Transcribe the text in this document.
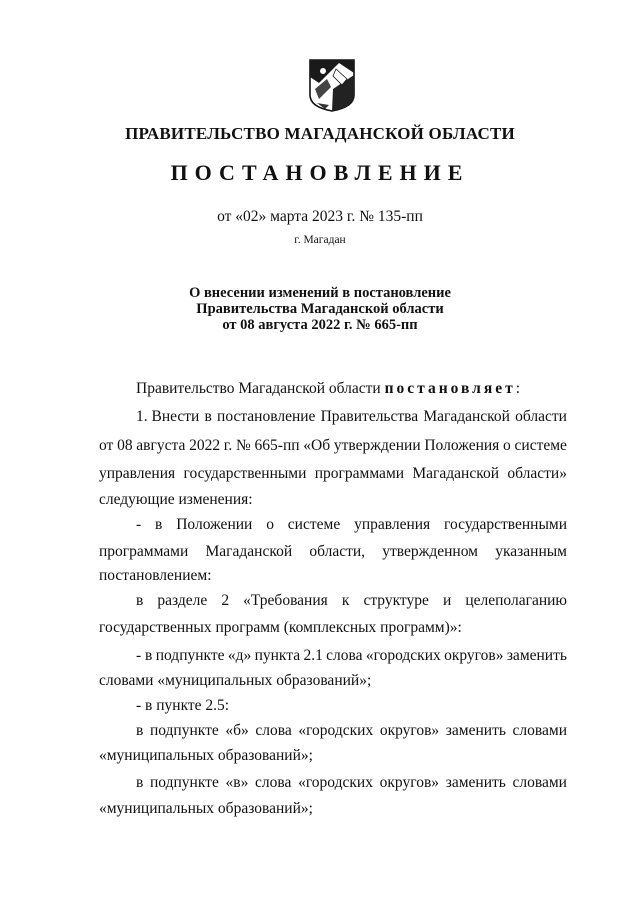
ПРАВИТЕЛЬСТВО МАГАДАНСКОЙ ОБЛАСТИ
ПОСТАНОВЛЕНИЕ
от «02» марта 2023 г. № 135-пп
г. Магадан
О внесении изменений в постановление
Правительства Магаданской области
от 08 августа 2022 г. № 665-пп
Правительство Магаданской области постановляет:
1. Внести в постановление Правительства Магаданской области
от 08 августа 2022 г. № 665-пп «Об утверждении Положения о системе
управления государственными программами Магаданской области»
следующие изменения:
- в Положении о системе управления государственными
программами Магаданской области, утвержденном указанным
постановлением:
в разделе 2 «Требования к структуре и целеполаганию
государственных программ (комплексных программ)»:
- в подпункте «д» пункта 2.1 слова «городских округов» заменить
словами «муниципальных образований»;
- в пункте 2.5:
в подпункте «б» слова «городских округов» заменить словами
«муниципальных образований»;
в подпункте «в» слова «городских округов» заменить словами
«муниципальных образований»;
